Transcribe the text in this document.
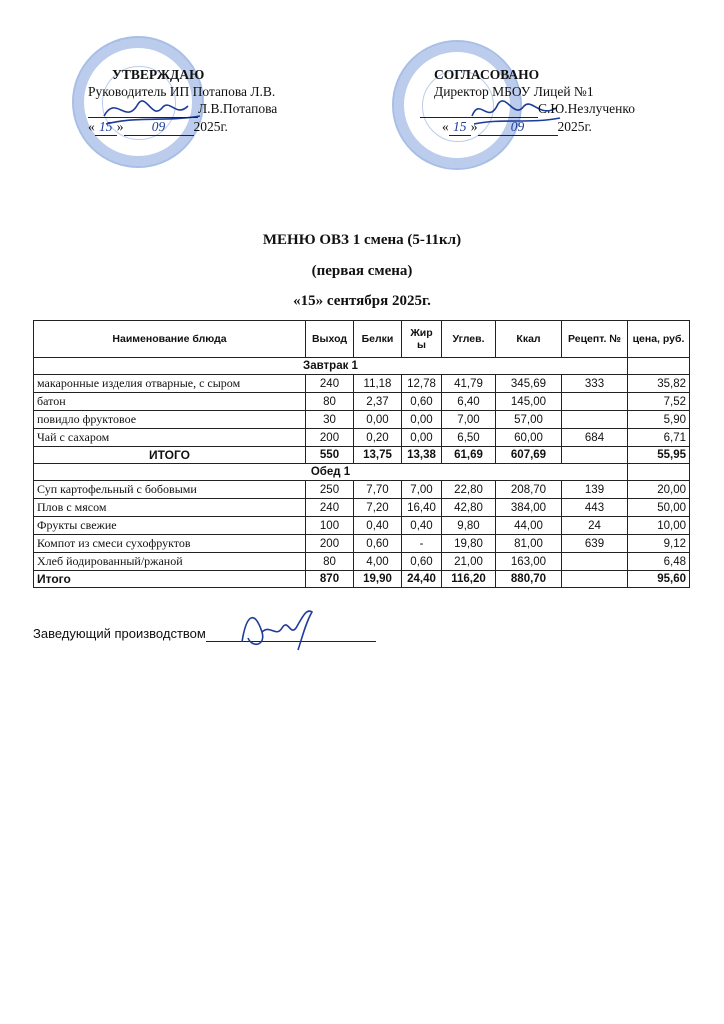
УТВЕРЖДАЮ
Руководитель ИП Потапова Л.В.
Л.В.Потапова
« 15 » 09 2025г.
СОГЛАСОВАНО
Директор МБОУ Лицей №1
С.Ю.Незлученко
« 15 » 09 2025г.
МЕНЮ ОВЗ 1 смена (5-11кл)
(первая смена)
«15» сентября 2025г.
Наименование блюда	Выход	Белки	Жир ы	Углев.	Ккал	Рецепт. №	цена, руб.
Завтрак 1							
макаронные изделия отварные, с сыром	240	11,18	12,78	41,79	345,69	333	35,82
батон	80	2,37	0,60	6,40	145,00		7,52
повидло фруктовое	30	0,00	0,00	7,00	57,00		5,90
Чай с сахаром	200	0,20	0,00	6,50	60,00	684	6,71
ИТОГО	550	13,75	13,38	61,69	607,69		55,95
Обед 1							
Суп картофельный с бобовыми	250	7,70	7,00	22,80	208,70	139	20,00
Плов с мясом	240	7,20	16,40	42,80	384,00	443	50,00
Фрукты свежие	100	0,40	0,40	9,80	44,00	24	10,00
Компот из смеси сухофруктов	200	0,60	-	19,80	81,00	639	9,12
Хлеб йодированный/ржаной	80	4,00	0,60	21,00	163,00		6,48
Итого	870	19,90	24,40	116,20	880,70		95,60
Заведующий производством
